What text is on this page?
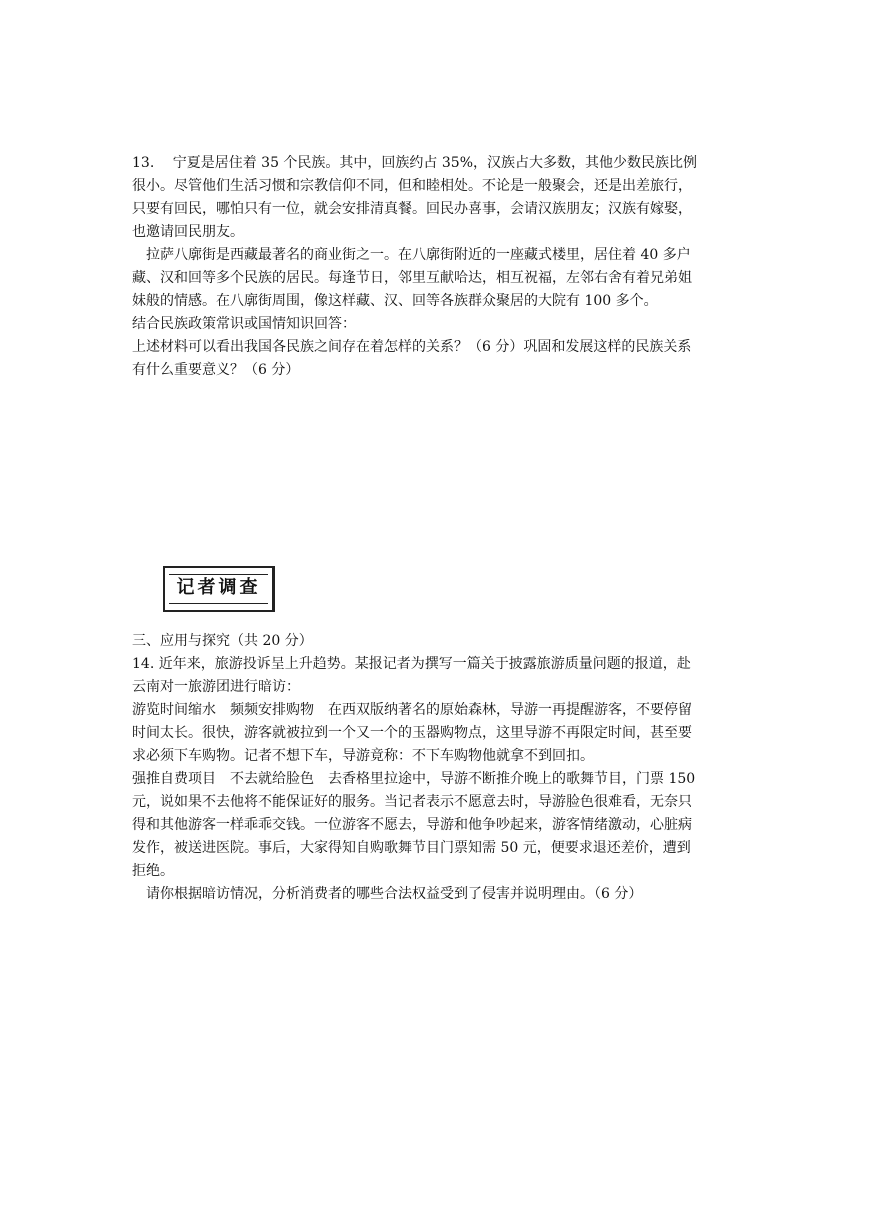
13.　 宁夏是居住着 35 个民族。其中，回族约占 35%，汉族占大多数，其他少数民族比例
很小。尽管他们生活习惯和宗教信仰不同，但和睦相处。不论是一般聚会，还是出差旅行，
只要有回民，哪怕只有一位，就会安排清真餐。回民办喜事，会请汉族朋友；汉族有嫁娶，
也邀请回民朋友。
　拉萨八廓街是西藏最著名的商业街之一。在八廓街附近的一座藏式楼里，居住着 40 多户
藏、汉和回等多个民族的居民。每逢节日，邻里互献哈达，相互祝福，左邻右舍有着兄弟姐
妹般的情感。在八廓街周围，像这样藏、汉、回等各族群众聚居的大院有 100 多个。
结合民族政策常识或国情知识回答：
上述材料可以看出我国各民族之间存在着怎样的关系？（6 分）巩固和发展这样的民族关系
有什么重要意义？（6 分）
记者调查
三、应用与探究（共 20 分）
14. 近年来，旅游投诉呈上升趋势。某报记者为撰写一篇关于披露旅游质量问题的报道，赴
云南对一旅游团进行暗访：
游览时间缩水　频频安排购物　在西双版纳著名的原始森林，导游一再提醒游客，不要停留
时间太长。很快，游客就被拉到一个又一个的玉器购物点，这里导游不再限定时间，甚至要
求必须下车购物。记者不想下车，导游竟称：不下车购物他就拿不到回扣。
强推自费项目　不去就给脸色　去香格里拉途中，导游不断推介晚上的歌舞节目，门票 150
元，说如果不去他将不能保证好的服务。当记者表示不愿意去时，导游脸色很难看，无奈只
得和其他游客一样乖乖交钱。一位游客不愿去，导游和他争吵起来，游客情绪激动，心脏病
发作，被送进医院。事后，大家得知自购歌舞节目门票知需 50 元，便要求退还差价，遭到
拒绝。
　请你根据暗访情况，分析消费者的哪些合法权益受到了侵害并说明理由。（6 分）
